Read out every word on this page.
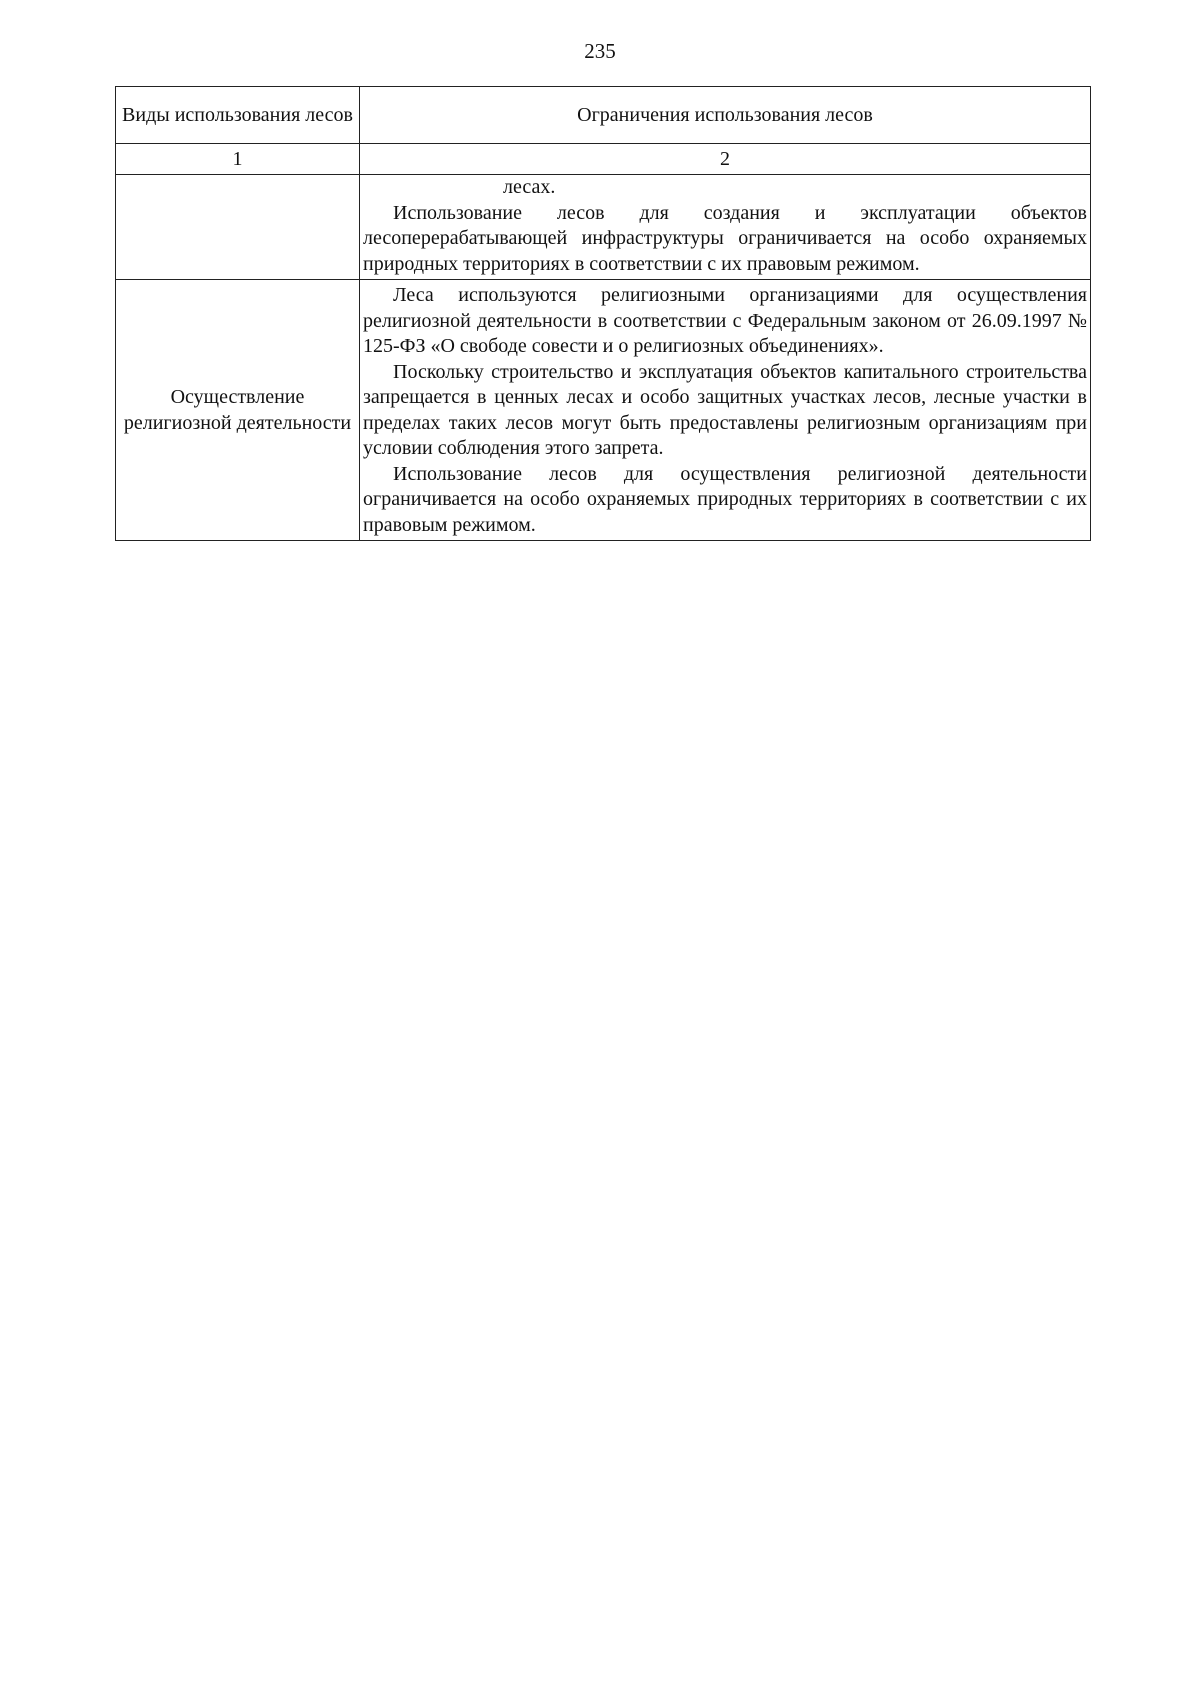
235
Виды использования лесов	Ограничения использования лесов
1	2

	лесах.

Использование лесов для создания и эксплуатации объектов лесоперерабатывающей инфраструктуры ограничивается на особо охраняемых природных территориях в соответствии с их правовым режимом.

Осуществление религиозной деятельности	Леса используются религиозными организациями для осуществления религиозной деятельности в соответствии с Федеральным законом от 26.09.1997 № 125-ФЗ «О свободе совести и о религиозных объединениях».

Поскольку строительство и эксплуатация объектов капитального строительства запрещается в ценных лесах и особо защитных участках лесов, лесные участки в пределах таких лесов могут быть предоставлены религиозным организациям при условии соблюдения этого запрета.

Использование лесов для осуществления религиозной деятельности ограничивается на особо охраняемых природных территориях в соответствии с их правовым режимом.
